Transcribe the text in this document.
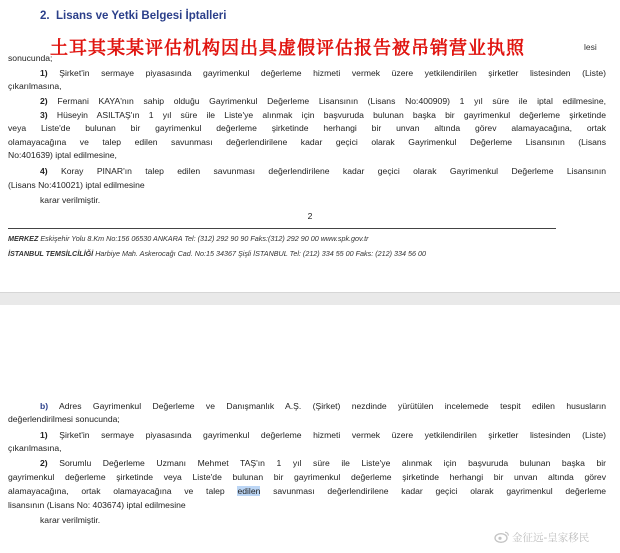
2. Lisans ve Yetki Belgesi İptalleri
土耳其某某评估机构因出具虚假评估报告被吊销营业执照	lesi
sonucunda;
1) Şirket'in sermaye piyasasında gayrimenkul değerleme hizmeti vermek üzere yetkilendirilen şirketler listesinden (Liste)
çıkarılmasına,
2) Fermani KAYA'nın sahip olduğu Gayrimenkul Değerleme Lisansının (Lisans No:400909) 1 yıl süre ile iptal edilmesine,
3) Hüseyin ASILTAŞ'ın 1 yıl süre ile Liste'ye alınmak için başvuruda bulunan başka bir gayrimenkul değerleme şirketinde
veya Liste'de bulunan bir gayrimenkul değerleme şirketinde herhangi bir unvan altında görev alamayacağına, ortak
olamayacağına ve talep edilen savunması değerlendirilene kadar geçici olarak Gayrimenkul Değerleme Lisansının (Lisans
No:401639) iptal edilmesine,
4) Koray PINAR'ın talep edilen savunması değerlendirilene kadar geçici olarak Gayrimenkul Değerleme Lisansının
(Lisans No:410021) iptal edilmesine
karar verilmiştir.
2
MERKEZ Eskişehir Yolu 8.Km No:156 06530 ANKARA Tel: (312) 292 90 90 Faks:(312) 292 90 00 www.spk.gov.tr
İSTANBUL TEMSİLCİLİĞİ Harbiye Mah. Askerocağı Cad. No:15 34367 Şişli İSTANBUL Tel: (212) 334 55 00 Faks: (212) 334 56 00
b) Adres Gayrimenkul Değerleme ve Danışmanlık A.Ş. (Şirket) nezdinde yürütülen incelemede tespit edilen hususların
değerlendirilmesi sonucunda;
1) Şirket'in sermaye piyasasında gayrimenkul değerleme hizmeti vermek üzere yetkilendirilen şirketler listesinden (Liste)
çıkarılmasına,
2) Sorumlu Değerleme Uzmanı Mehmet TAŞ'ın 1 yıl süre ile Liste'ye alınmak için başvuruda bulunan başka bir
gayrimenkul değerleme şirketinde veya Liste'de bulunan bir gayrimenkul değerleme şirketinde herhangi bir unvan altında görev
alamayacağına, ortak olamayacağına ve talep edilen savunması değerlendirilene kadar geçici olarak gayrimenkul değerleme
lisansının (Lisans No: 403674) iptal edilmesine
karar verilmiştir.
金征远-皇家移民
